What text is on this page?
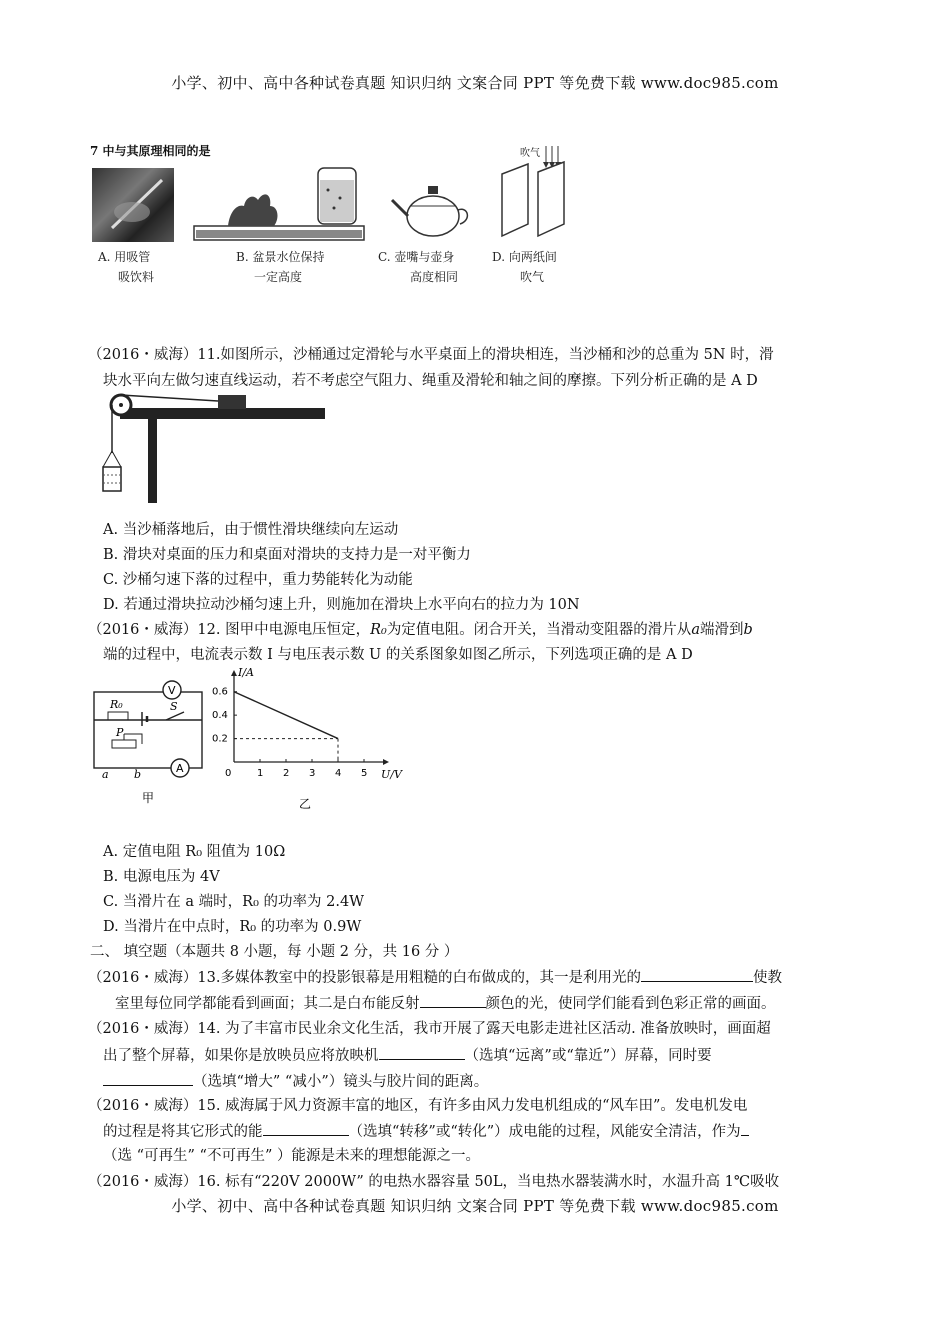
小学、初中、高中各种试卷真题 知识归纳 文案合同 PPT 等免费下载 www.doc985.com
7 中与其原理相同的是	吹气
A. 用吸管
吸饮料
B. 盆景水位保持
一定高度
C. 壶嘴与壶身
高度相同
D. 向两纸间
吹气
（2016・威海）11.如图所示，沙桶通过定滑轮与水平桌面上的滑块相连，当沙桶和沙的总重为 5N 时，滑
块水平向左做匀速直线运动，若不考虑空气阻力、绳重及滑轮和轴之间的摩擦。下列分析正确的是 A D
A. 当沙桶落地后，由于惯性滑块继续向左运动
B. 滑块对桌面的压力和桌面对滑块的支持力是一对平衡力
C. 沙桶匀速下落的过程中，重力势能转化为动能
D. 若通过滑块拉动沙桶匀速上升，则施加在滑块上水平向右的拉力为 10N
（2016・威海）12. 图甲中电源电压恒定，R₀为定值电阻。闭合开关，当滑动变阻器的滑片从a端滑到b
端的过程中，电流表示数 I 与电压表示数 U 的关系图象如图乙所示，下列选项正确的是 A D
V
A
R₀	S
P
a b
甲
0	1 2 3 4 5
0.2
0.4
0.6
U/V
I/A
乙
A. 定值电阻 R₀ 阻值为 10Ω
B. 电源电压为 4V
C. 当滑片在 a 端时，R₀ 的功率为 2.4W
D. 当滑片在中点时，R₀ 的功率为 0.9W
二、 填空题（本题共 8 小题，每 小题 2 分，共 16 分 ）
（2016・威海）13.多媒体教室中的投影银幕是用粗糙的白布做成的，其一是利用光的	使教
室里每位同学都能看到画面；其二是白布能反射	颜色的光，使同学们能看到色彩正常的画面。
（2016・威海）14. 为了丰富市民业余文化生活，我市开展了露天电影走进社区活动. 准备放映时，画面超
出了整个屏幕，如果你是放映员应将放映机	（选填“远离”或“靠近”）屏幕，同时要
（选填“增大” “减小”）镜头与胶片间的距离。
（2016・威海）15. 威海属于风力资源丰富的地区，有许多由风力发电机组成的“风车田”。发电机发电
的过程是将其它形式的能	（选填“转移”或“转化”）成电能的过程，风能安全清洁，作为
（选 “可再生” “不可再生” ）能源是未来的理想能源之一。
（2016・威海）16. 标有“220V 2000W” 的电热水器容量 50L，当电热水器装满水时，水温升高 1℃吸收
小学、初中、高中各种试卷真题 知识归纳 文案合同 PPT 等免费下载 www.doc985.com
